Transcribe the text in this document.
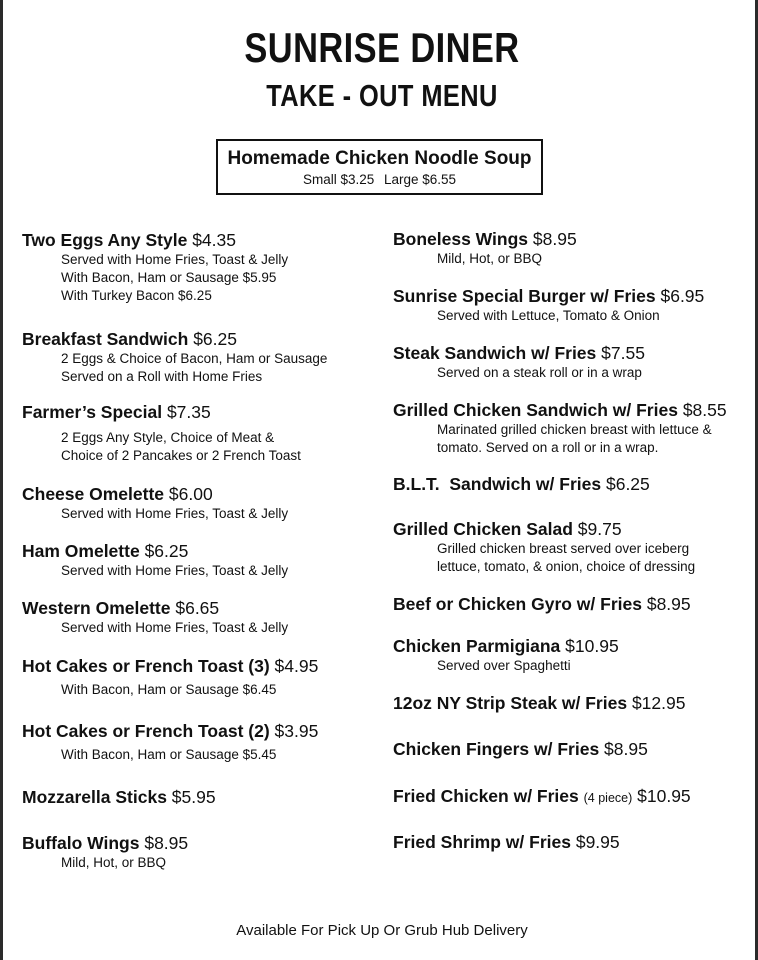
SUNRISE DINER
TAKE - OUT MENU
Homemade Chicken Noodle Soup
Small $3.25 Large $6.55
Two Eggs Any Style $4.35
Served with Home Fries, Toast & Jelly
With Bacon, Ham or Sausage $5.95
With Turkey Bacon $6.25
Breakfast Sandwich $6.25
2 Eggs & Choice of Bacon, Ham or Sausage
Served on a Roll with Home Fries
Farmer’s Special $7.35
2 Eggs Any Style, Choice of Meat &
Choice of 2 Pancakes or 2 French Toast
Cheese Omelette $6.00
Served with Home Fries, Toast & Jelly
Ham Omelette $6.25
Served with Home Fries, Toast & Jelly
Western Omelette $6.65
Served with Home Fries, Toast & Jelly
Hot Cakes or French Toast (3) $4.95
With Bacon, Ham or Sausage $6.45
Hot Cakes or French Toast (2) $3.95
With Bacon, Ham or Sausage $5.45
Mozzarella Sticks $5.95
Buffalo Wings $8.95
Mild, Hot, or BBQ
Boneless Wings $8.95
Mild, Hot, or BBQ
Sunrise Special Burger w/ Fries $6.95
Served with Lettuce, Tomato & Onion
Steak Sandwich w/ Fries $7.55
Served on a steak roll or in a wrap
Grilled Chicken Sandwich w/ Fries $8.55
Marinated grilled chicken breast with lettuce &
tomato. Served on a roll or in a wrap.
B.L.T.  Sandwich w/ Fries $6.25
Grilled Chicken Salad $9.75
Grilled chicken breast served over iceberg
lettuce, tomato, & onion, choice of dressing
Beef or Chicken Gyro w/ Fries $8.95
Chicken Parmigiana $10.95
Served over Spaghetti
12oz NY Strip Steak w/ Fries $12.95
Chicken Fingers w/ Fries $8.95
Fried Chicken w/ Fries (4 piece) $10.95
Fried Shrimp w/ Fries $9.95
Available For Pick Up Or Grub Hub Delivery
